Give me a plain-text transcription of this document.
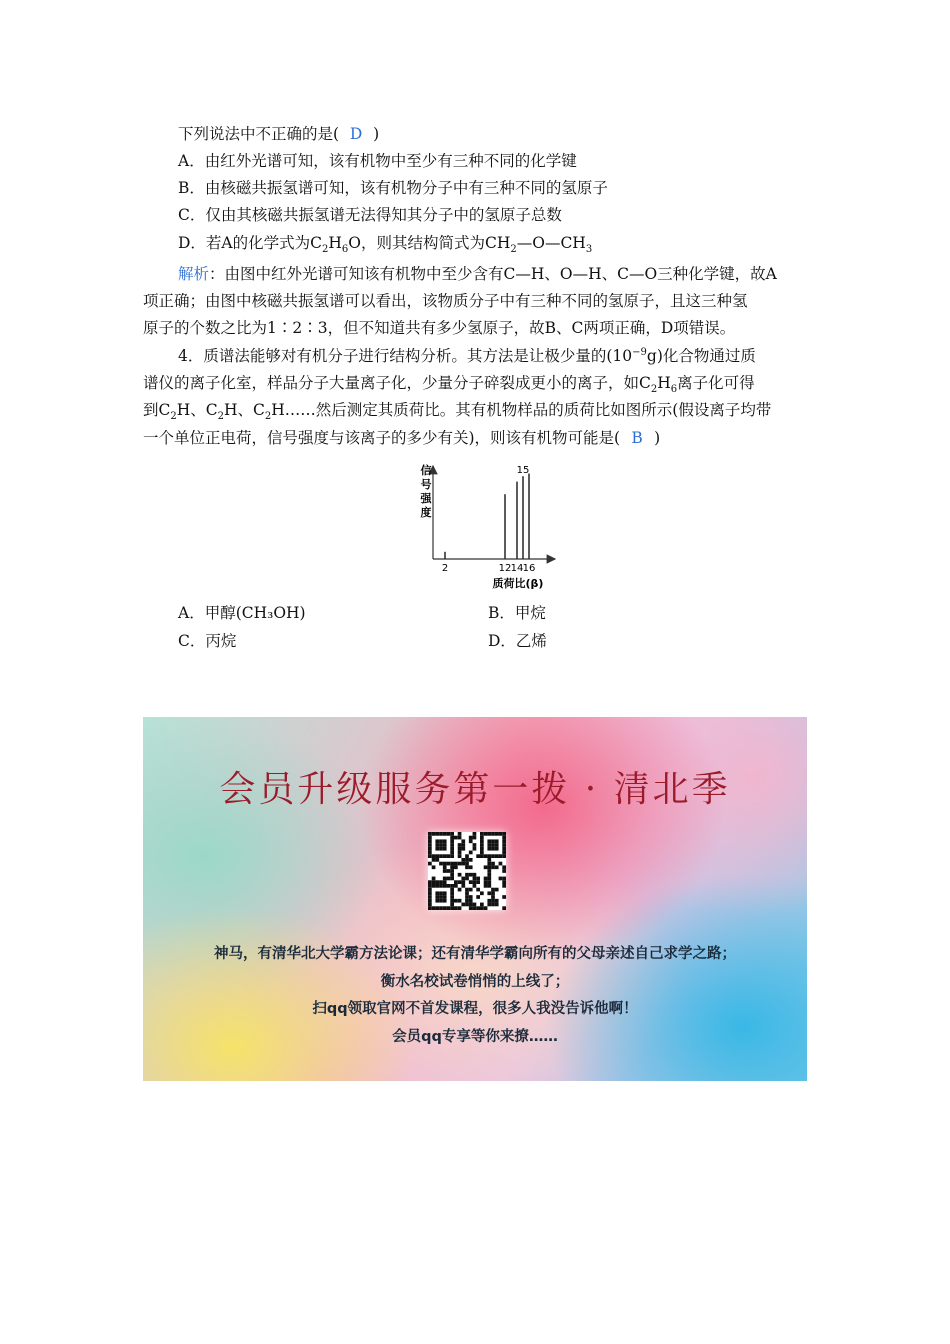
下列说法中不正确的是( D )
A．由红外光谱可知，该有机物中至少有三种不同的化学键
B．由核磁共振氢谱可知，该有机物分子中有三种不同的氢原子
C．仅由其核磁共振氢谱无法得知其分子中的氢原子总数
D．若A的化学式为$C_2H_6O$，则其结构简式为$CH_2—O—CH_3$
解析：由图中红外光谱可知该有机物中至少含有C—H、O—H、C—O三种化学键，故A
项正确；由图中核磁共振氢谱可以看出，该物质分子中有三种不同的氢原子，且这三种氢
原子的个数之比为1∶2∶3，但不知道共有多少氢原子，故B、C两项正确，D项错误。
4．质谱法能够对有机分子进行结构分析。其方法是让极少量的$(10^{-9}g)$化合物通过质
谱仪的离子化室，样品分子大量离子化，少量分子碎裂成更小的离子，如$C_2H_6$离子化可得
到$C_2H$、$C_2H$、$C_2H\dots\dots$然后测定其质荷比。其有机物样品的质荷比如图所示(假设离子均带
一个单位正电荷，信号强度与该离子的多少有关)，则该有机物可能是( B )
信
号
强
15
2	12 14 16
质荷比(β)
度
A．甲醇(CH₃OH)	B．甲烷
C．丙烷	D．乙烯
会员升级服务第一拨 · 清北季
神马，有清华北大学霸方法论课；还有清华学霸向所有的父母亲述自己求学之路；
衡水名校试卷悄悄的上线了；
扫qq领取官网不首发课程，很多人我没告诉他啊！
会员qq专享等你来撩……
